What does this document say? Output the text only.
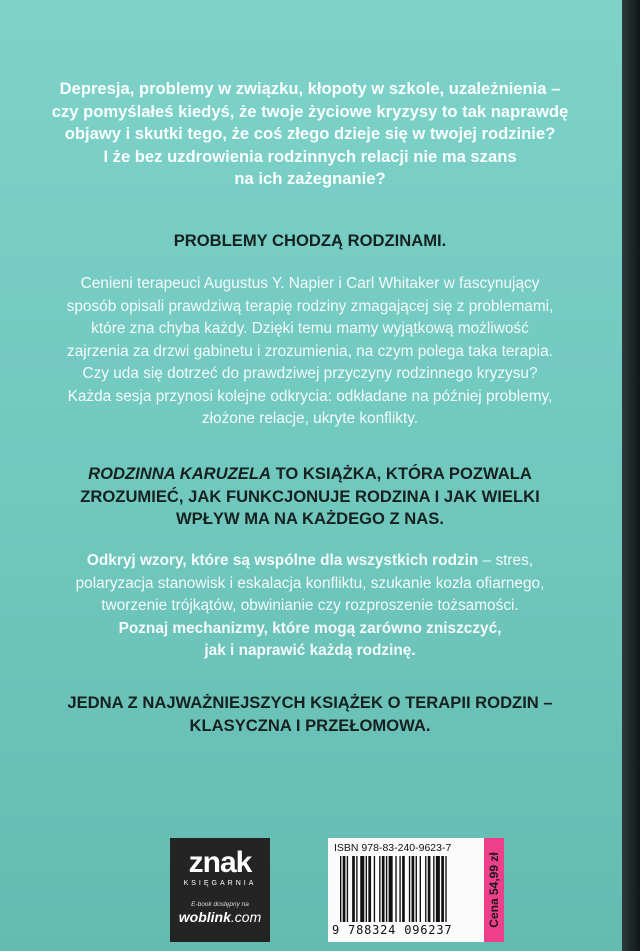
Depresja, problemy w związku, kłopoty w szkole, uzależnienia –
czy pomyślałeś kiedyś, że twoje życiowe kryzysy to tak naprawdę
objawy i skutki tego, że coś złego dzieje się w twojej rodzinie?
I że bez uzdrowienia rodzinnych relacji nie ma szans
na ich zażegnanie?
PROBLEMY CHODZĄ RODZINAMI.
Cenieni terapeuci Augustus Y. Napier i Carl Whitaker w fascynujący
sposób opisali prawdziwą terapię rodziny zmagającej się z problemami,
które zna chyba każdy. Dzięki temu mamy wyjątkową możliwość
zajrzenia za drzwi gabinetu i zrozumienia, na czym polega taka terapia.
Czy uda się dotrzeć do prawdziwej przyczyny rodzinnego kryzysu?
Każda sesja przynosi kolejne odkrycia: odkładane na później problemy,
złożone relacje, ukryte konflikty.
RODZINNA KARUZELA TO KSIĄŻKA, KTÓRA POZWALA
ZROZUMIEĆ, JAK FUNKCJONUJE RODZINA I JAK WIELKI
WPŁYW MA NA KAŻDEGO Z NAS.
Odkryj wzory, które są wspólne dla wszystkich rodzin – stres,
polaryzacja stanowisk i eskalacja konfliktu, szukanie kozła ofiarnego,
tworzenie trójkątów, obwinianie czy rozproszenie tożsamości.
Poznaj mechanizmy, które mogą zarówno zniszczyć,
jak i naprawić każdą rodzinę.
JEDNA Z NAJWAŻNIEJSZYCH KSIĄŻEK O TERAPII RODZIN –
KLASYCZNA I PRZEŁOMOWA.
znak
KSIĘGARNIA
E-book dostępny na
woblink.com
ISBN 978-83-240-9623-7
9 788324 096237
Cena 54,99 zł
